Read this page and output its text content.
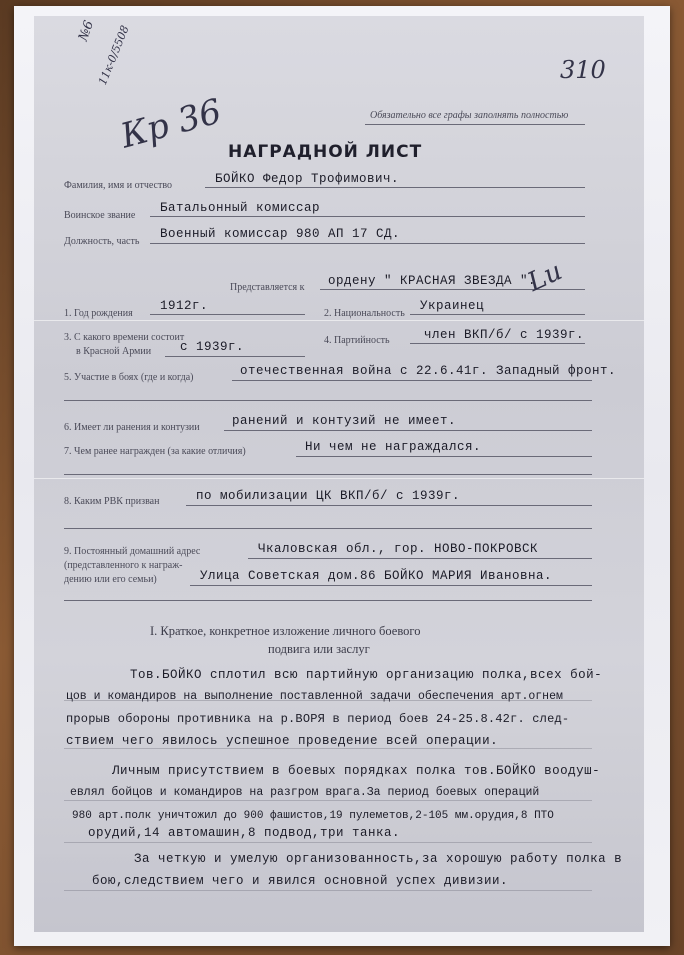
№6
11к-0/5508	310
Кр 36	Обязательно все графы заполнять полностью
НАГРАДНОЙ ЛИСТ
Фамилия, имя и отчество	БОЙКО Федор Трофимович.
Воинское звание
Батальонный комиссар
Должность, часть
Военный комиссар 980 АП 17 СД.
Представляется к ордену " КРАСНАЯ ЗВЕЗДА ".
Lu
1. Год рождения
1912г.
2. Национальность
Украинец
3. С какого времени состоит
в Красной Армии с 1939г.	4. Партийность	член ВКП/б/ с 1939г.
5. Участие в боях (где и когда)	отечественная война с 22.6.41г. Западный фронт.
6. Имеет ли ранения и контузии	ранений и контузий не имеет.
7. Чем ранее награжден (за какие отличия)	Ни чем не награждался.
8. Каким РВК призван	по мобилизации ЦК ВКП/б/ с 1939г.
9. Постоянный домашний адрес
(представленного к награж-
дению или его семьи)
Чкаловская обл., гор. НОВО-ПОКРОВСК
Улица Советская дом.86 БОЙКО МАРИЯ Ивановна.
I. Краткое, конкретное изложение личного боевого
подвига или заслуг
Тов.БОЙКО сплотил всю партийную организацию полка,всех бой-
цов и командиров на выполнение поставленной задачи обеспечения арт.огнем
прорыв обороны противника на р.ВОРЯ в период боев 24-25.8.42г. след-
ствием чего явилось успешное проведение всей операции.
Личным присутствием в боевых порядках полка тов.БОЙКО воодуш-
евлял бойцов и командиров на разгром врага.За период боевых операций
980 арт.полк уничтожил до 900 фашистов,19 пулеметов,2-105 мм.орудия,8 ПТО
орудий,14 автомашин,8 подвод,три танка.
За четкую и умелую организованность,за хорошую работу полка в
бою,следствием чего и явился основной успех дивизии.
